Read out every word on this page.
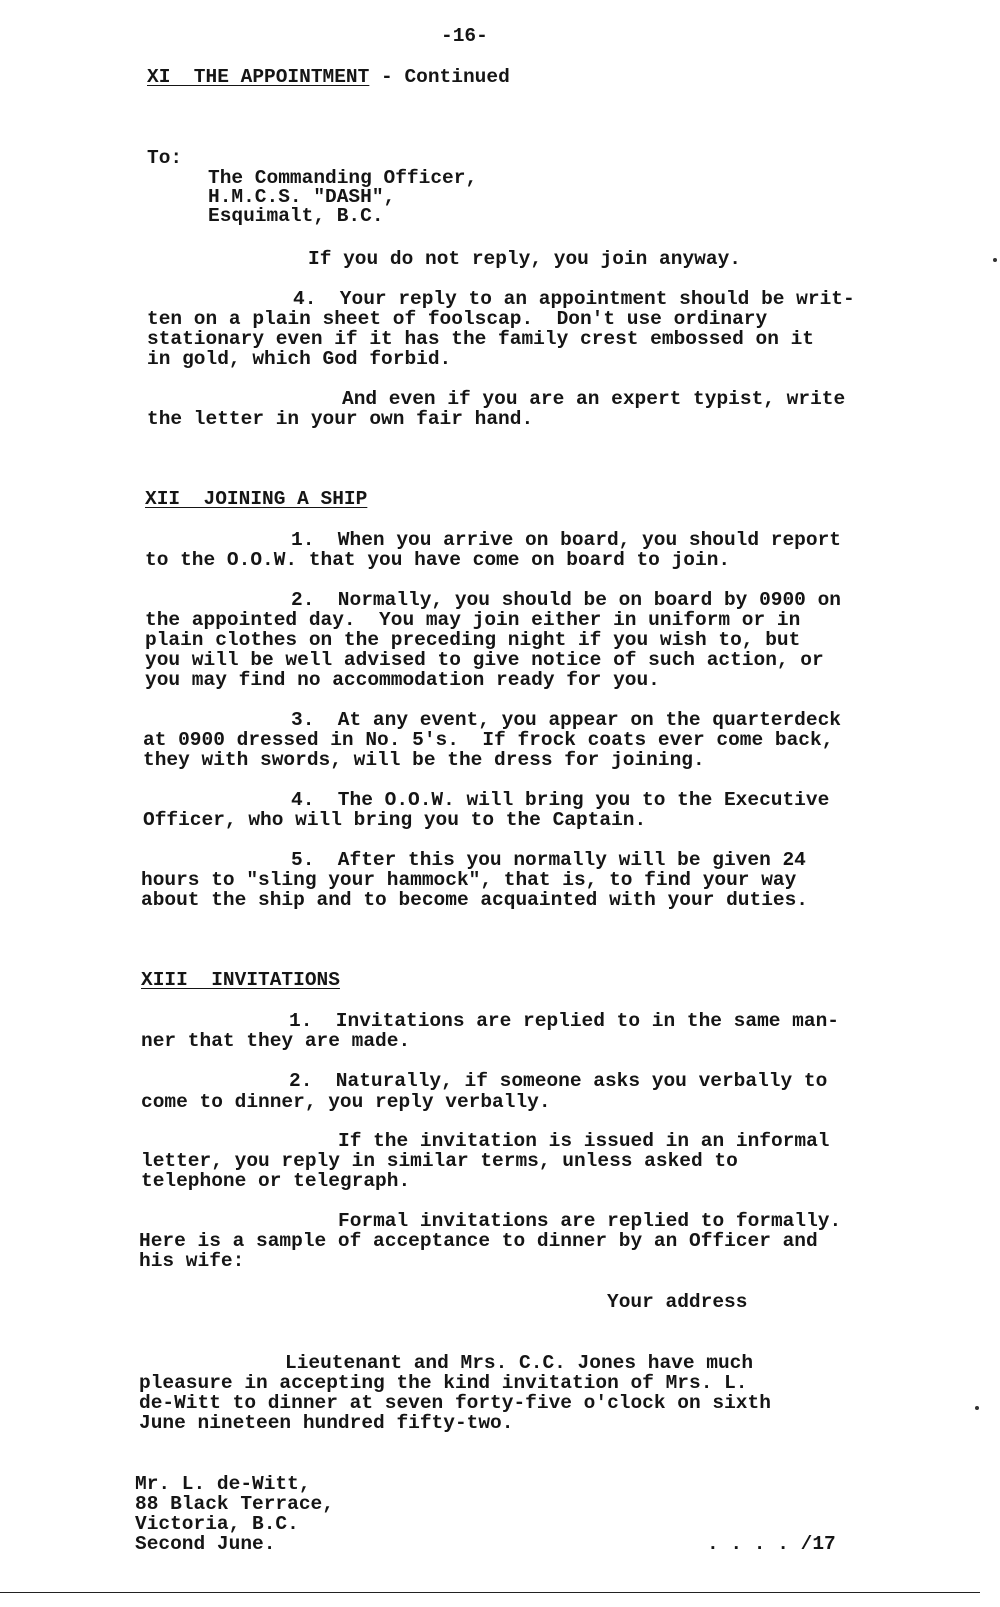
-16-
XI  THE APPOINTMENT - Continued
To:
The Commanding Officer,
H.M.C.S. "DASH",
Esquimalt, B.C.
If you do not reply, you join anyway.
4.  Your reply to an appointment should be writ-
ten on a plain sheet of foolscap.  Don't use ordinary
stationary even if it has the family crest embossed on it
in gold, which God forbid.
And even if you are an expert typist, write
the letter in your own fair hand.
XII  JOINING A SHIP
1.  When you arrive on board, you should report
to the O.O.W. that you have come on board to join.
2.  Normally, you should be on board by 0900 on
the appointed day.  You may join either in uniform or in
plain clothes on the preceding night if you wish to, but
you will be well advised to give notice of such action, or
you may find no accommodation ready for you.
3.  At any event, you appear on the quarterdeck
at 0900 dressed in No. 5's.  If frock coats ever come back,
they with swords, will be the dress for joining.
4.  The O.O.W. will bring you to the Executive
Officer, who will bring you to the Captain.
5.  After this you normally will be given 24
hours to "sling your hammock", that is, to find your way
about the ship and to become acquainted with your duties.
XIII  INVITATIONS
1.  Invitations are replied to in the same man-
ner that they are made.
2.  Naturally, if someone asks you verbally to
come to dinner, you reply verbally.
If the invitation is issued in an informal
letter, you reply in similar terms, unless asked to
telephone or telegraph.
Formal invitations are replied to formally.
Here is a sample of acceptance to dinner by an Officer and
his wife:
Your address
Lieutenant and Mrs. C.C. Jones have much
pleasure in accepting the kind invitation of Mrs. L.
de-Witt to dinner at seven forty-five o'clock on sixth
June nineteen hundred fifty-two.
Mr. L. de-Witt,
88 Black Terrace,
Victoria, B.C.
Second June.	. . . . /17
